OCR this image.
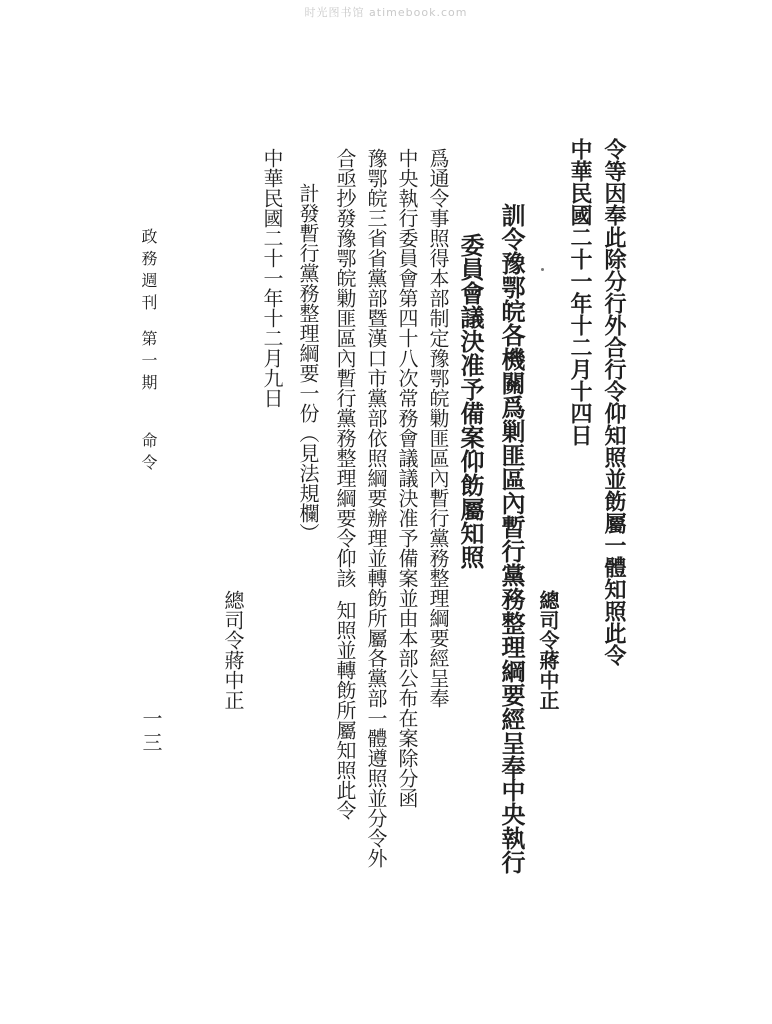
时光图书馆 atimebook.com
令等因奉此除分行外合行令仰知照並飭屬一體知照此令
中華民國二十一年十二月十四日
總司令蔣中正
訓令豫鄂皖各機關爲剿匪區內暫行黨務整理綱要經呈奉
中央執行
委員會議決准予備案仰飭屬知照
爲通令事照得本部制定豫鄂皖勦匪區內暫行黨務整理綱要經呈奉
中央執行委員會第四十八次常務會議議決准予備案並由本部公布在案除分函
豫鄂皖三省省黨部暨漢口市黨部依照綱要辦理並轉飭所屬各黨部一體遵照並分令外
合亟抄發豫鄂皖勦匪區內暫行黨務整理綱要令仰該
知照並轉飭所屬知照此令
計發暫行黨務整理綱要一份（見法規欄）
中華民國二十一年十二月九日
總司令蔣中正
政務週刊
第一期
命令
一三
